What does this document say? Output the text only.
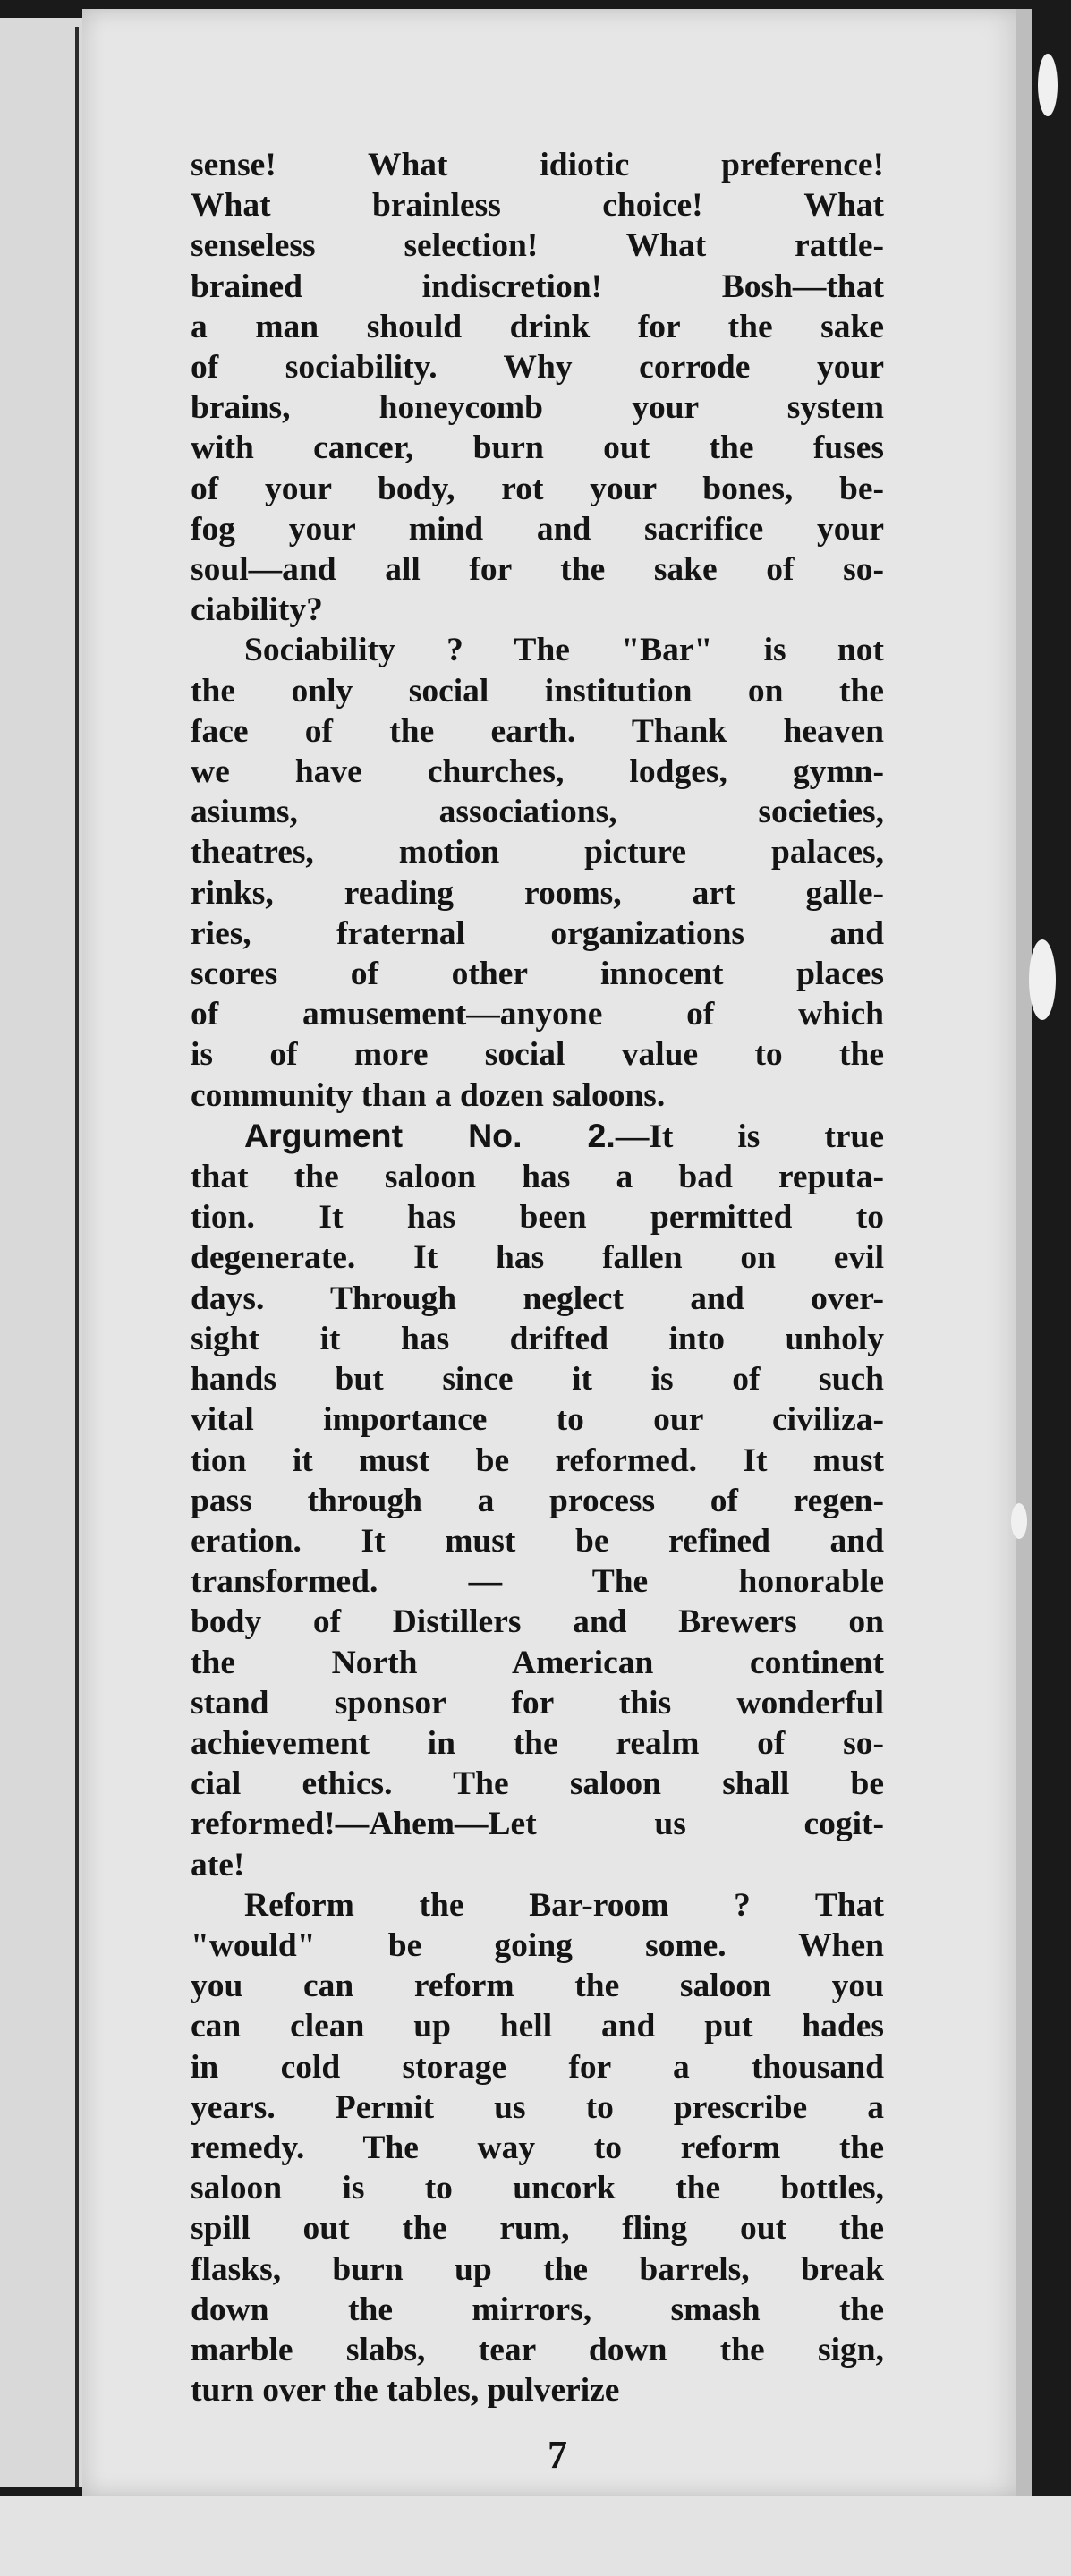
sense! What idiotic preference!
What brainless choice! What
senseless selection! What rattle-
brained indiscretion! Bosh—that
a man should drink for the sake
of sociability. Why corrode your
brains, honeycomb your system
with cancer, burn out the fuses
of your body, rot your bones, be-
fog your mind and sacrifice your
soul—and all for the sake of so-
ciability?
Sociability ? The "Bar" is not
the only social institution on the
face of the earth. Thank heaven
we have churches, lodges, gymn-
asiums, associations, societies,
theatres, motion picture palaces,
rinks, reading rooms, art galle-
ries, fraternal organizations and
scores of other innocent places
of amusement—anyone of which
is of more social value to the
community than a dozen saloons.
Argument No. 2.—It is true
that the saloon has a bad reputa-
tion. It has been permitted to
degenerate. It has fallen on evil
days. Through neglect and over-
sight it has drifted into unholy
hands but since it is of such
vital importance to our civiliza-
tion it must be reformed. It must
pass through a process of regen-
eration. It must be refined and
transformed. — The honorable
body of Distillers and Brewers on
the North American continent
stand sponsor for this wonderful
achievement in the realm of so-
cial ethics. The saloon shall be
reformed!—Ahem—Let us cogit-
ate!
Reform the Bar-room ? That
"would" be going some. When
you can reform the saloon you
can clean up hell and put hades
in cold storage for a thousand
years. Permit us to prescribe a
remedy. The way to reform the
saloon is to uncork the bottles,
spill out the rum, fling out the
flasks, burn up the barrels, break
down the mirrors, smash the
marble slabs, tear down the sign,
turn over the tables, pulverize
7
